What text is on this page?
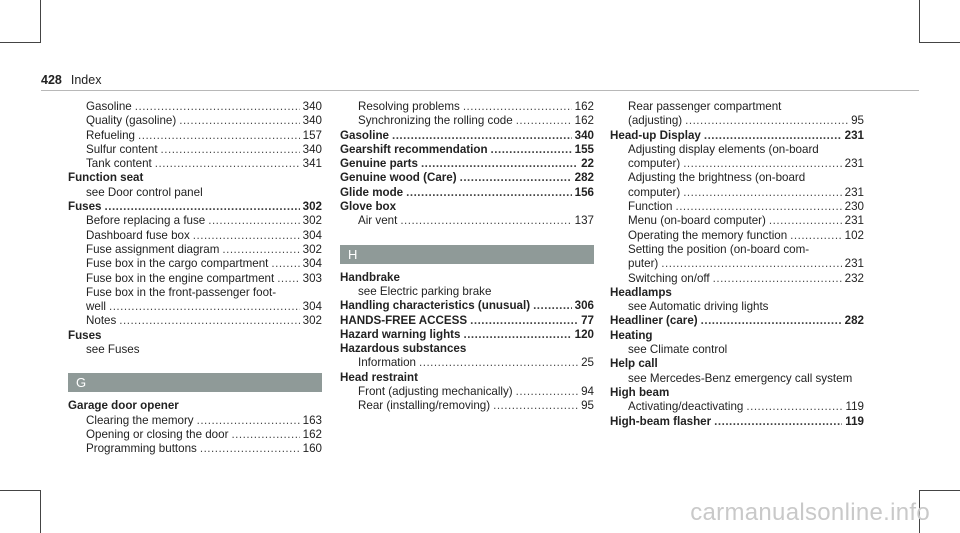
428 Index
Gasoline .....	340
Quality (gasoline) .....	340
Refueling .....	157
Sulfur content .....	340
Tank content .....	341
Function seat
see Door control panel
Fuses .....	302
Before replacing a fuse .....	302
Dashboard fuse box .....	304
Fuse assignment diagram .....	302
Fuse box in the cargo compartment .....	304
Fuse box in the engine compartment ..... 303
Fuse box in the front-passenger foot-
well .....	304
Notes .....	302
Fuses
see Fuses
G
Garage door opener
Clearing the memory .....	163
Opening or closing the door .....	162
Programming buttons .....	160
Resolving problems .....	162
Synchronizing the rolling code .....	162
Gasoline .....	340
Gearshift recommendation .....	155
Genuine parts .....	22
Genuine wood (Care) .....	282
Glide mode .....	156
Glove box
Air vent .....	137
H
Handbrake
see Electric parking brake
Handling characteristics (unusual) .....	306
HANDS-FREE ACCESS .....	77
Hazard warning lights .....	120
Hazardous substances
Information .....	25
Head restraint
Front (adjusting mechanically) .....	94
Rear (installing/removing) .....	95
Rear passenger compartment
(adjusting) .....	95
Head-up Display .....	231
Adjusting display elements (on-board
computer) .....	231
Adjusting the brightness (on-board
computer) .....	231
Function .....	230
Menu (on-board computer) .....	231
Operating the memory function .....	102
Setting the position (on-board com-
puter) .....	231
Switching on/off .....	232
Headlamps
see Automatic driving lights
Headliner (care) .....	282
Heating
see Climate control
Help call
see Mercedes-Benz emergency call system
High beam
Activating/deactivating .....	119
High-beam flasher .....	119
carmanualsonline.info
